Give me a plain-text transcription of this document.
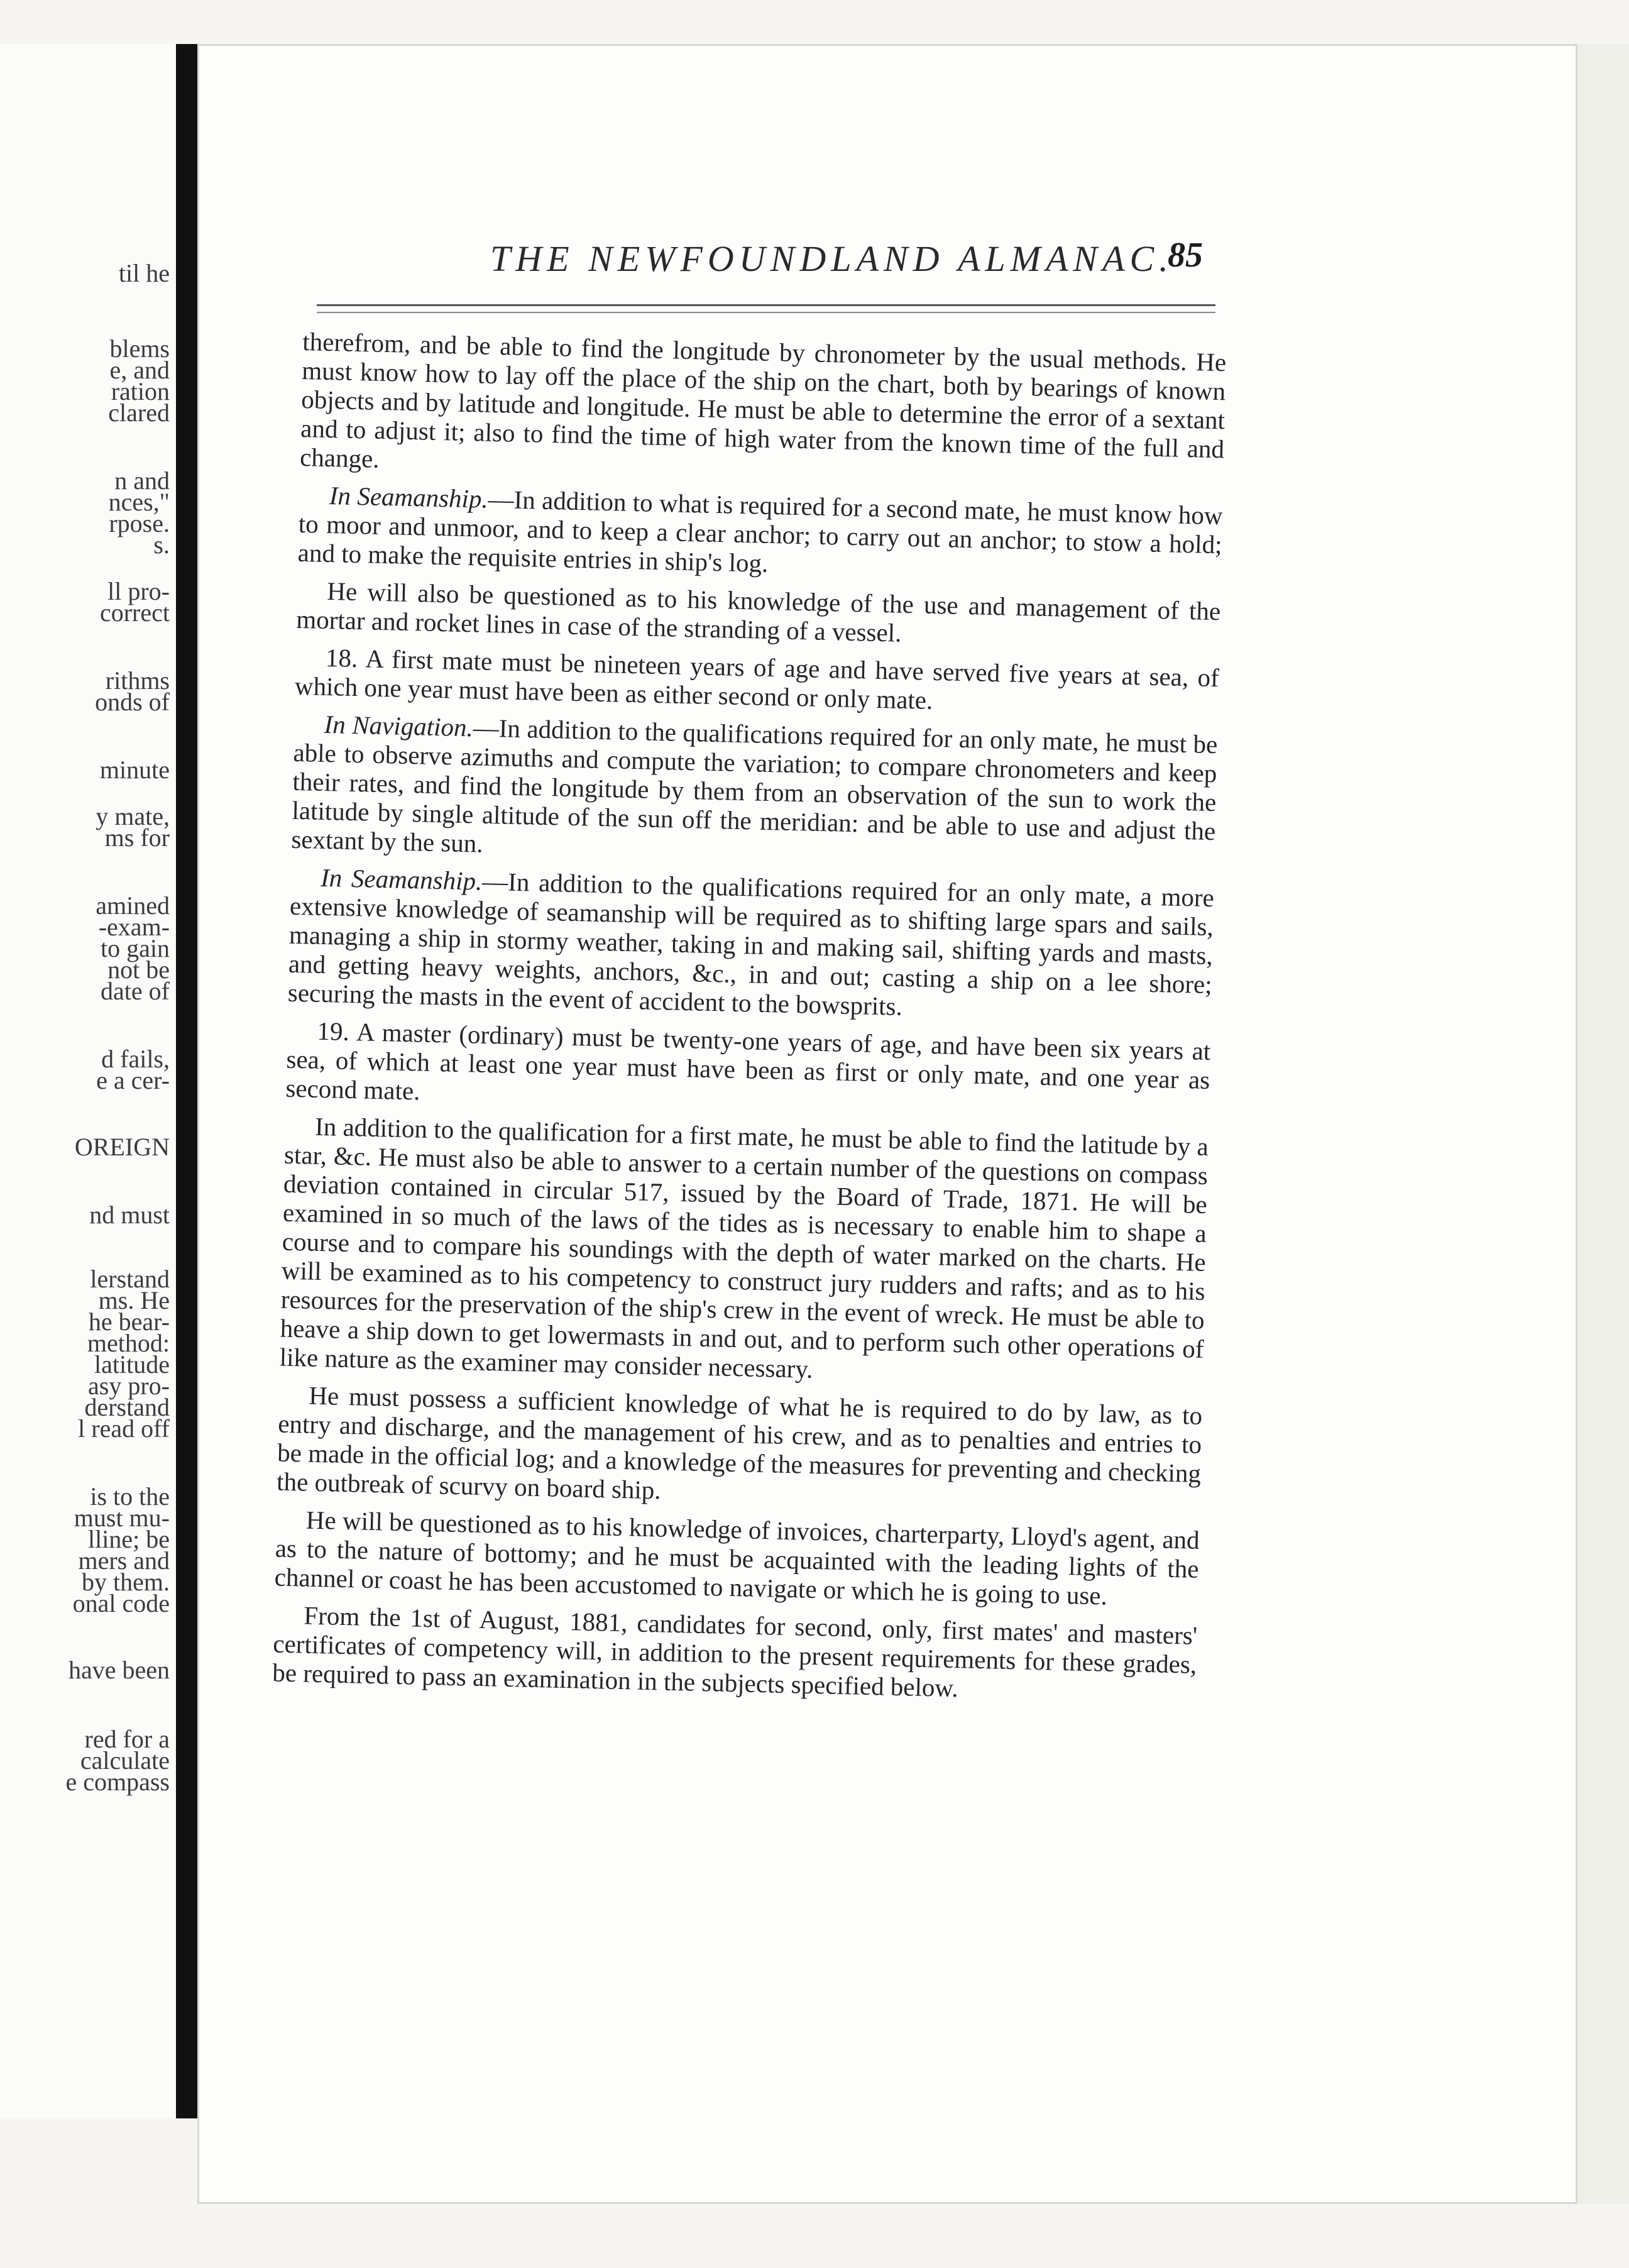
til he
blems
e, and
ration
clared
n and
nces,"
rpose.
s.
ll pro-
correct
rithms
onds of
minute
y mate,
ms for
amined
-exam-
to gain
not be
date of
d fails,
e a cer-
OREIGN
nd must
lerstand
ms. He
he bear-
method:
latitude
asy pro-
derstand
l read off
is to the
must mu-
lline; be
mers and
by them.
onal code
have been
red for a
calculate
e compass
THE NEWFOUNDLAND ALMANAC.
85

therefrom, and be able to find the longitude by chronometer by the usual methods. He must know how to lay off the place of the ship on the chart, both by bearings of known objects and by latitude and longitude. He must be able to determine the error of a sextant and to adjust it; also to find the time of high water from the known time of the full and change.

In Seamanship.—In addition to what is required for a second mate, he must know how to moor and unmoor, and to keep a clear anchor; to carry out an anchor; to stow a hold; and to make the requisite entries in ship's log.

He will also be questioned as to his knowledge of the use and management of the mortar and rocket lines in case of the stranding of a vessel.

18. A first mate must be nineteen years of age and have served five years at sea, of which one year must have been as either second or only mate.

In Navigation.—In addition to the qualifications required for an only mate, he must be able to observe azimuths and compute the variation; to compare chronometers and keep their rates, and find the longitude by them from an observation of the sun to work the latitude by single altitude of the sun off the meridian: and be able to use and adjust the sextant by the sun.

In Seamanship.—In addition to the qualifications required for an only mate, a more extensive knowledge of seamanship will be required as to shifting large spars and sails, managing a ship in stormy weather, taking in and making sail, shifting yards and masts, and getting heavy weights, anchors, &c., in and out; casting a ship on a lee shore; securing the masts in the event of accident to the bowsprits.

19. A master (ordinary) must be twenty-one years of age, and have been six years at sea, of which at least one year must have been as first or only mate, and one year as second mate.

In addition to the qualification for a first mate, he must be able to find the latitude by a star, &c. He must also be able to answer to a certain number of the questions on compass deviation contained in circular 517, issued by the Board of Trade, 1871. He will be examined in so much of the laws of the tides as is necessary to enable him to shape a course and to compare his soundings with the depth of water marked on the charts. He will be examined as to his competency to construct jury rudders and rafts; and as to his resources for the preservation of the ship's crew in the event of wreck. He must be able to heave a ship down to get lowermasts in and out, and to perform such other operations of like nature as the examiner may consider necessary.

He must possess a sufficient knowledge of what he is required to do by law, as to entry and discharge, and the management of his crew, and as to penalties and entries to be made in the official log; and a knowledge of the measures for preventing and checking the outbreak of scurvy on board ship.

He will be questioned as to his knowledge of invoices, charterparty, Lloyd's agent, and as to the nature of bottomy; and he must be acquainted with the leading lights of the channel or coast he has been accustomed to navigate or which he is going to use.

From the 1st of August, 1881, candidates for second, only, first mates' and masters' certificates of competency will, in addition to the present requirements for these grades, be required to pass an examination in the subjects specified below.
